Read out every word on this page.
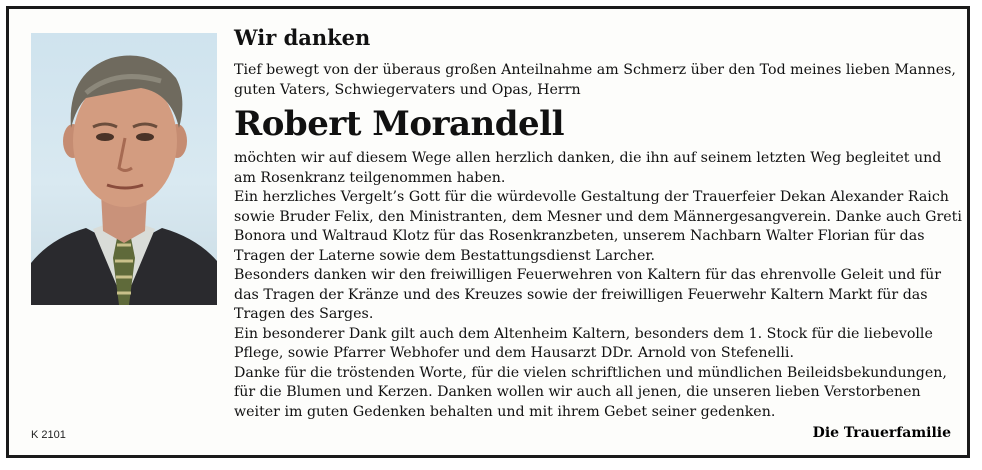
Wir danken

Tief bewegt von der überaus großen Anteilnahme am Schmerz über den Tod meines lieben Mannes, guten Vaters, Schwiegervaters und Opas, Herrn

Robert Morandell

möchten wir auf diesem Wege allen herzlich danken, die ihn auf seinem letzten Weg begleitet und am Rosenkranz teilgenommen haben.

Ein herzliches Vergelt’s Gott für die würdevolle Gestaltung der Trauerfeier Dekan Alexander Raich sowie Bruder Felix, den Ministranten, dem Mesner und dem Männergesangverein. Danke auch Greti Bonora und Waltraud Klotz für das Rosenkranzbeten, unserem Nachbarn Walter Florian für das Tragen der Laterne sowie dem Bestattungsdienst Larcher.

Besonders danken wir den freiwilligen Feuerwehren von Kaltern für das ehrenvolle Geleit und für das Tragen der Kränze und des Kreuzes sowie der freiwilligen Feuerwehr Kaltern Markt für das Tragen des Sarges.

Ein besonderer Dank gilt auch dem Altenheim Kaltern, besonders dem 1. Stock für die liebevolle Pflege, sowie Pfarrer Webhofer und dem Hausarzt DDr. Arnold von Stefenelli.

Danke für die tröstenden Worte, für die vielen schriftlichen und mündlichen Beileidsbekundungen, für die Blumen und Kerzen. Danken wollen wir auch all jenen, die unseren lieben Verstorbenen weiter im guten Gedenken behalten und mit ihrem Gebet seiner gedenken.

K 2101	Die Trauerfamilie
